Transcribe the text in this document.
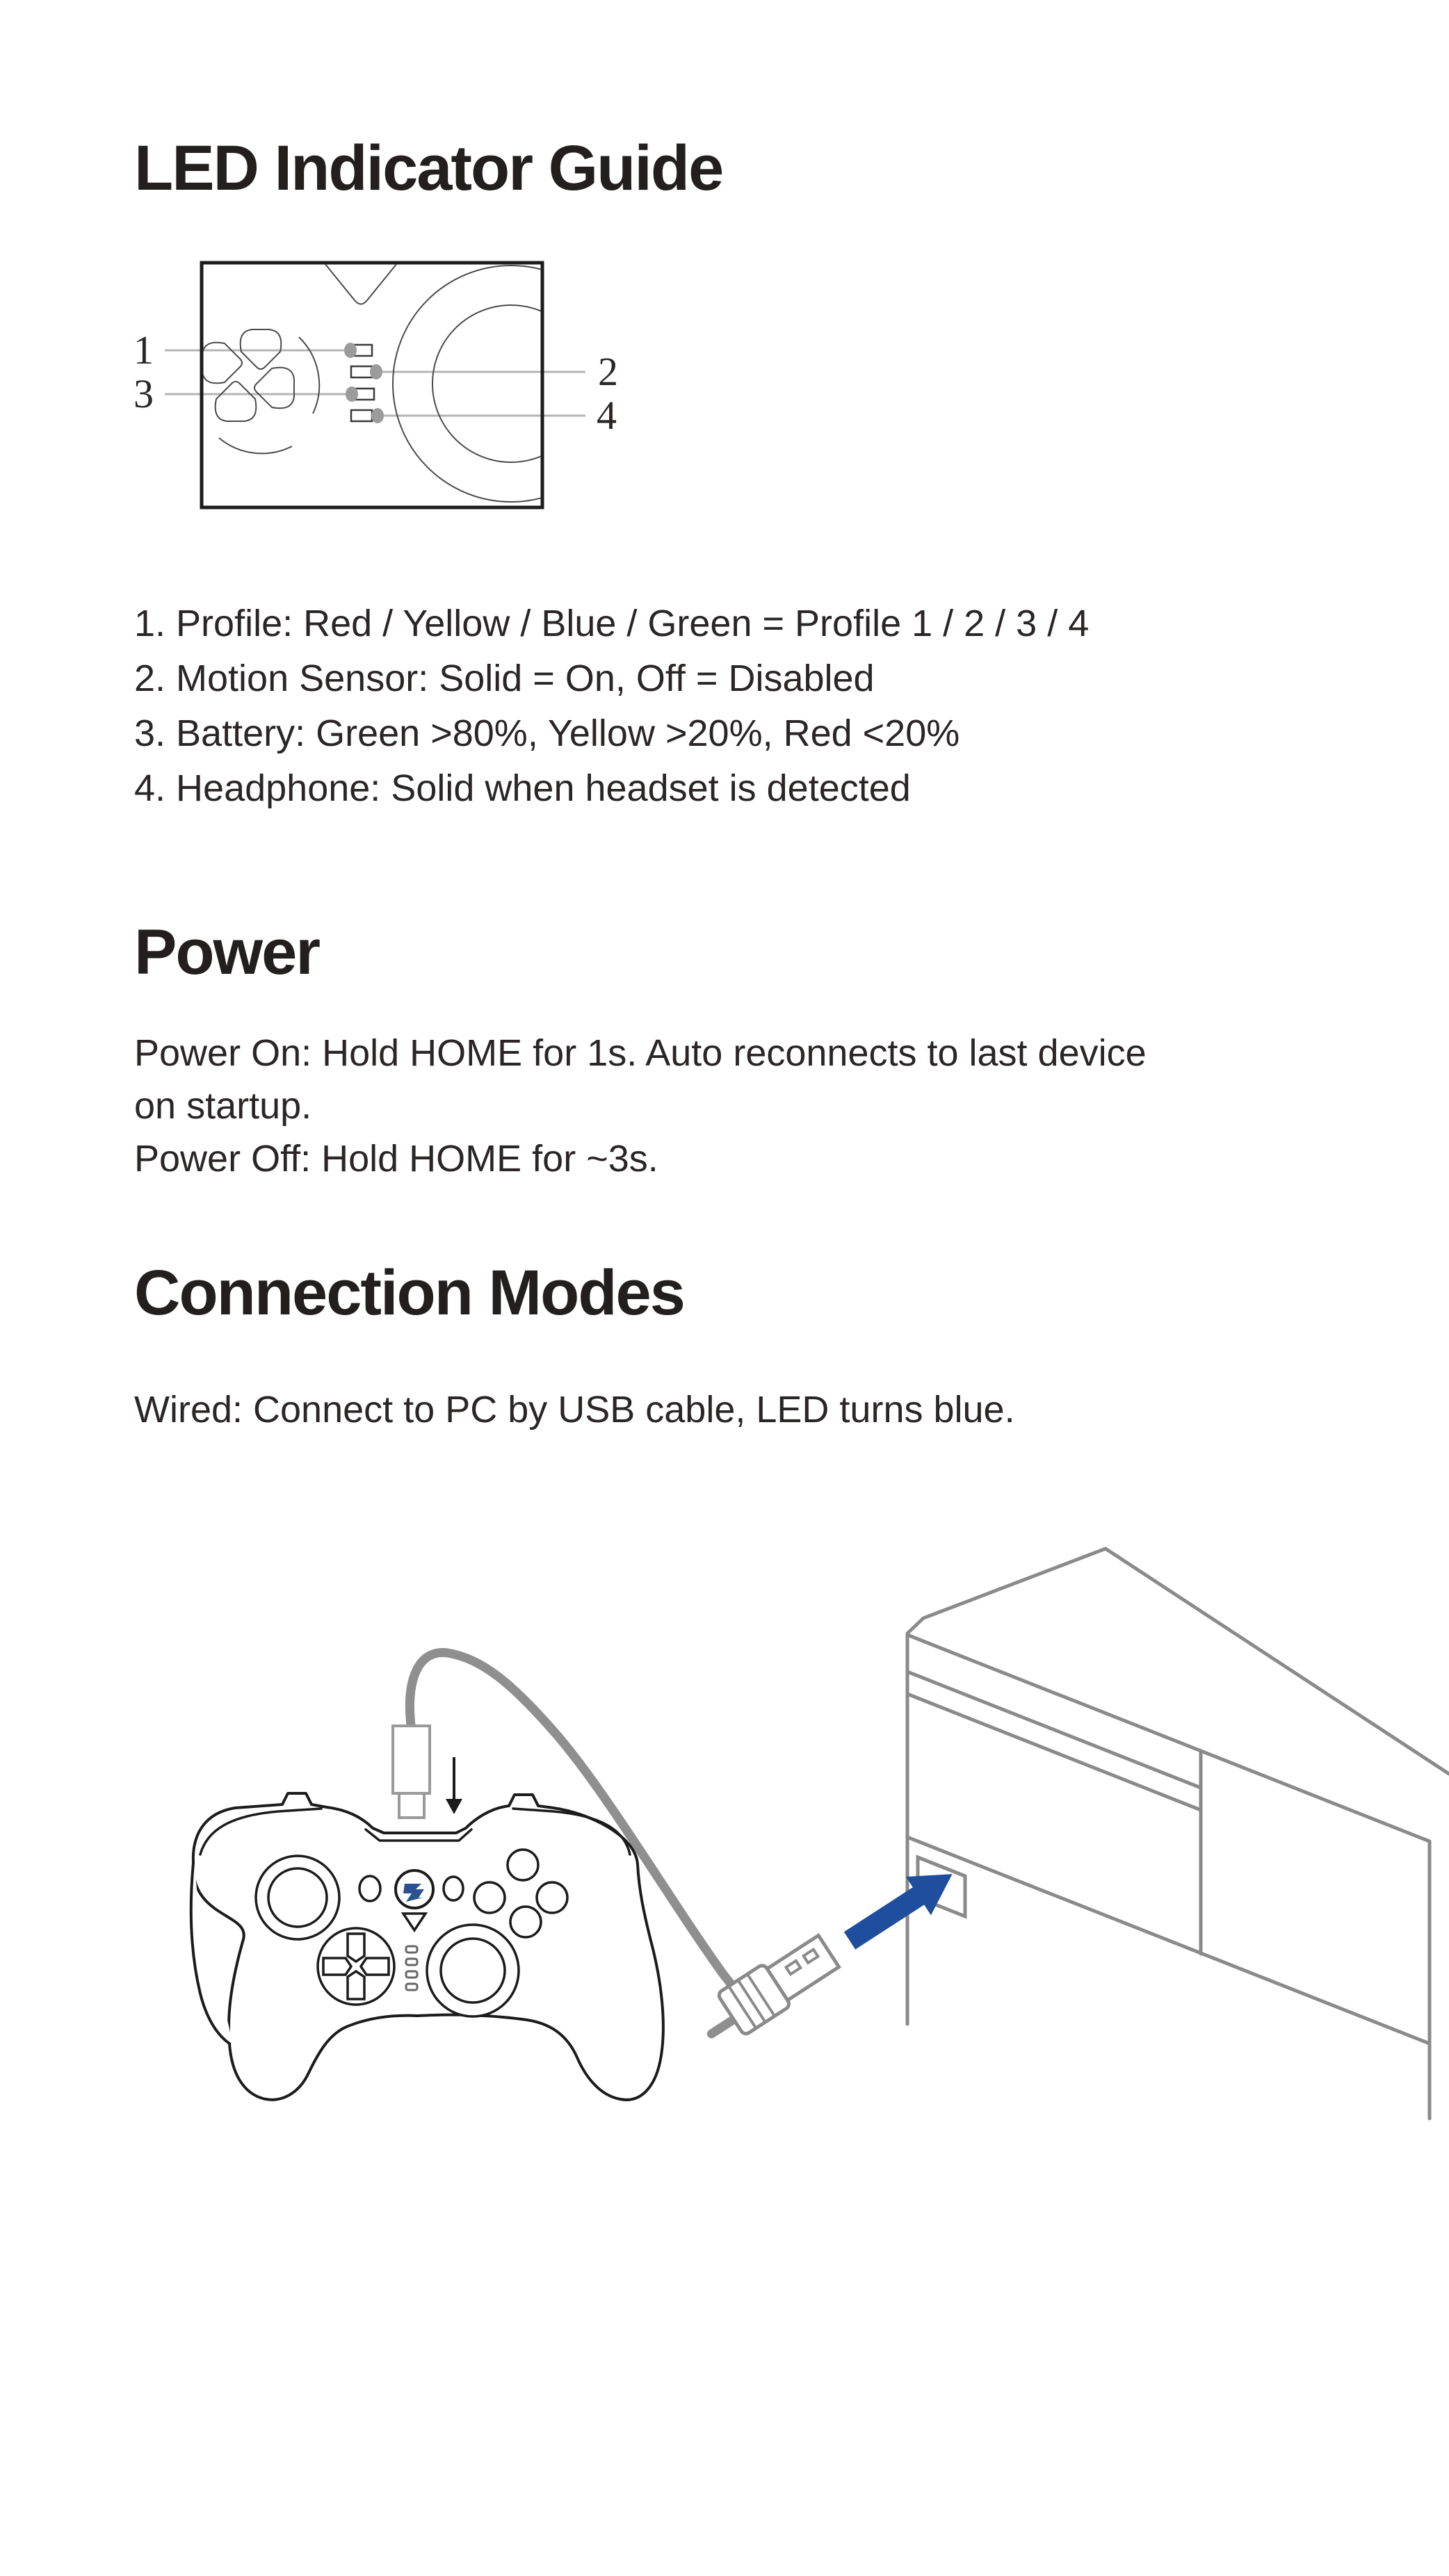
LED Indicator Guide
1
3	2
4
1. Profile: Red / Yellow / Blue / Green = Profile 1 / 2 / 3 / 4
2. Motion Sensor: Solid = On, Off = Disabled
3. Battery: Green >80%, Yellow >20%, Red <20%
4. Headphone: Solid when headset is detected
Power
Power On: Hold HOME for 1s. Auto reconnects to last device
on startup.
Power Off: Hold HOME for ~3s.
Connection Modes
Wired: Connect to PC by USB cable, LED turns blue.
